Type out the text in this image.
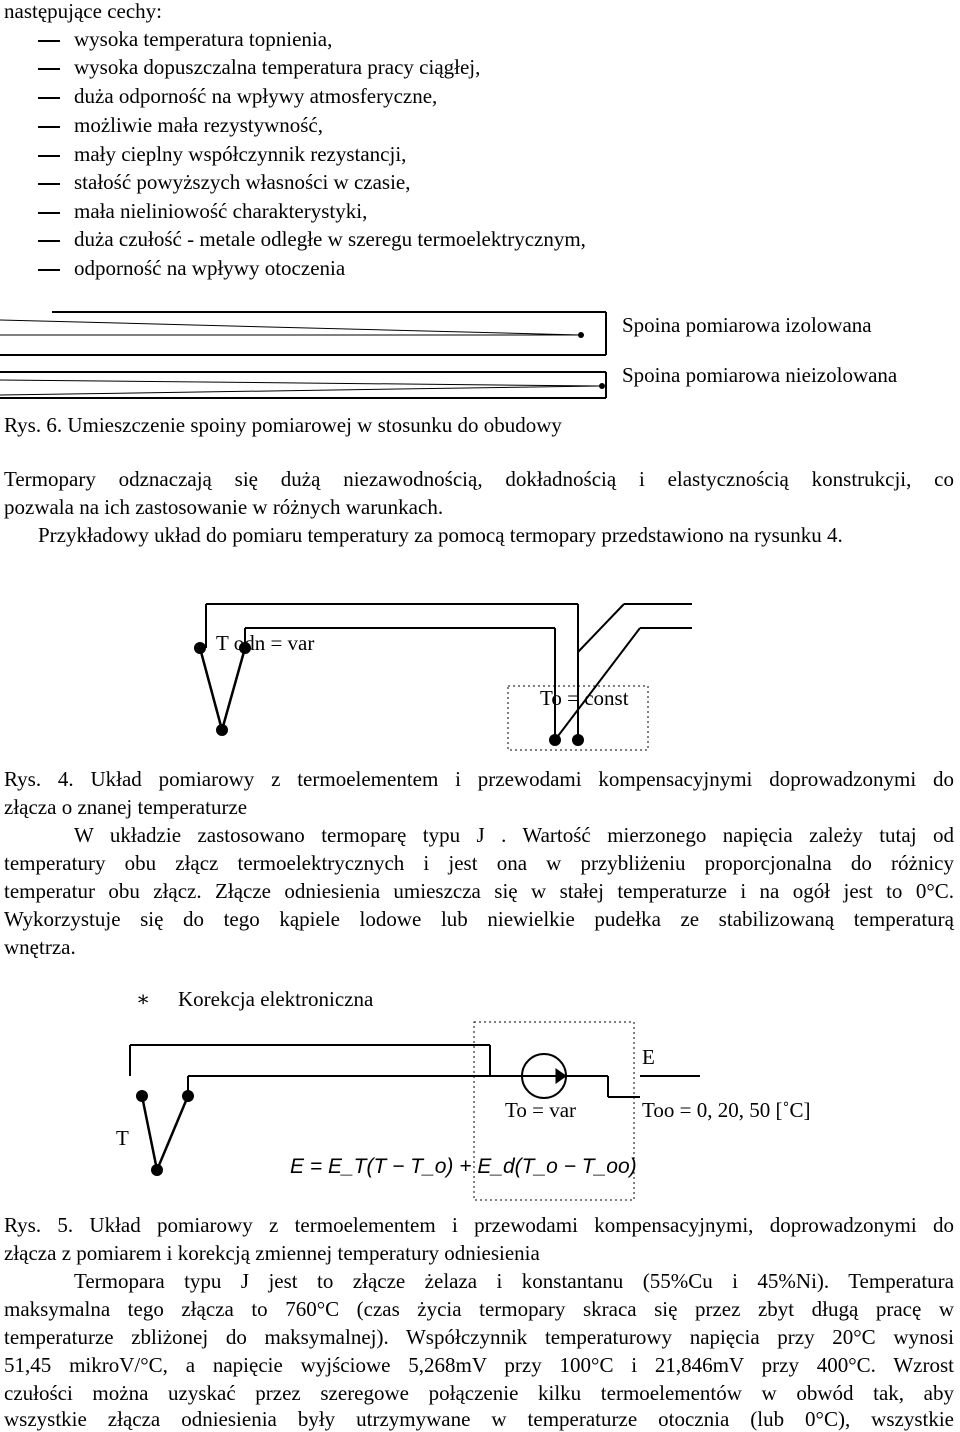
następujące cechy:
wysoka temperatura topnienia,
wysoka dopuszczalna temperatura pracy ciągłej,
duża odporność na wpływy atmosferyczne,
możliwie mała rezystywność,
mały cieplny współczynnik rezystancji,
stałość powyższych własności w czasie,
mała nieliniowość charakterystyki,
duża czułość - metale odległe w szeregu termoelektrycznym,
odporność na wpływy otoczenia
Spoina pomiarowa izolowana
Spoina pomiarowa nieizolowana
Rys. 6. Umieszczenie spoiny pomiarowej w stosunku do obudowy
Termopary odznaczają się dużą niezawodnością, dokładnością i elastycznością konstrukcji, co
pozwala na ich zastosowanie w różnych warunkach.
Przykładowy układ do pomiaru temperatury za pomocą termopary przedstawiono na rysunku 4.
T odn = var
To = const
Rys. 4. Układ pomiarowy z termoelementem i przewodami kompensacyjnymi doprowadzonymi do
złącza o znanej temperaturze
W układzie zastosowano termoparę typu J . Wartość mierzonego napięcia zależy tutaj od
temperatury obu złącz termoelektrycznych i jest ona w przybliżeniu proporcjonalna do różnicy
temperatur obu złącz. Złącze odniesienia umieszcza się w stałej temperaturze i na ogół jest to 0°C.
Wykorzystuje się do tego kąpiele lodowe lub niewielkie pudełka ze stabilizowaną temperaturą
wnętrza.
∗ Korekcja elektroniczna
E
To = var	Too = 0, 20, 50 [˚C]
T
E = E_T(T − T_o) + E_d(T_o − T_oo)
Rys. 5. Układ pomiarowy z termoelementem i przewodami kompensacyjnymi, doprowadzonymi do
złącza z pomiarem i korekcją zmiennej temperatury odniesienia
Termopara typu J jest to złącze żelaza i konstantanu (55%Cu i 45%Ni). Temperatura
maksymalna tego złącza to 760°C (czas życia termopary skraca się przez zbyt długą pracę w
temperaturze zbliżonej do maksymalnej). Współczynnik temperaturowy napięcia przy 20°C wynosi
51,45 mikroV/°C, a napięcie wyjściowe 5,268mV przy 100°C i 21,846mV przy 400°C. Wzrost
czułości można uzyskać przez szeregowe połączenie kilku termoelementów w obwód tak, aby
wszystkie złącza odniesienia były utrzymywane w temperaturze otocznia (lub 0°C), wszystkie
